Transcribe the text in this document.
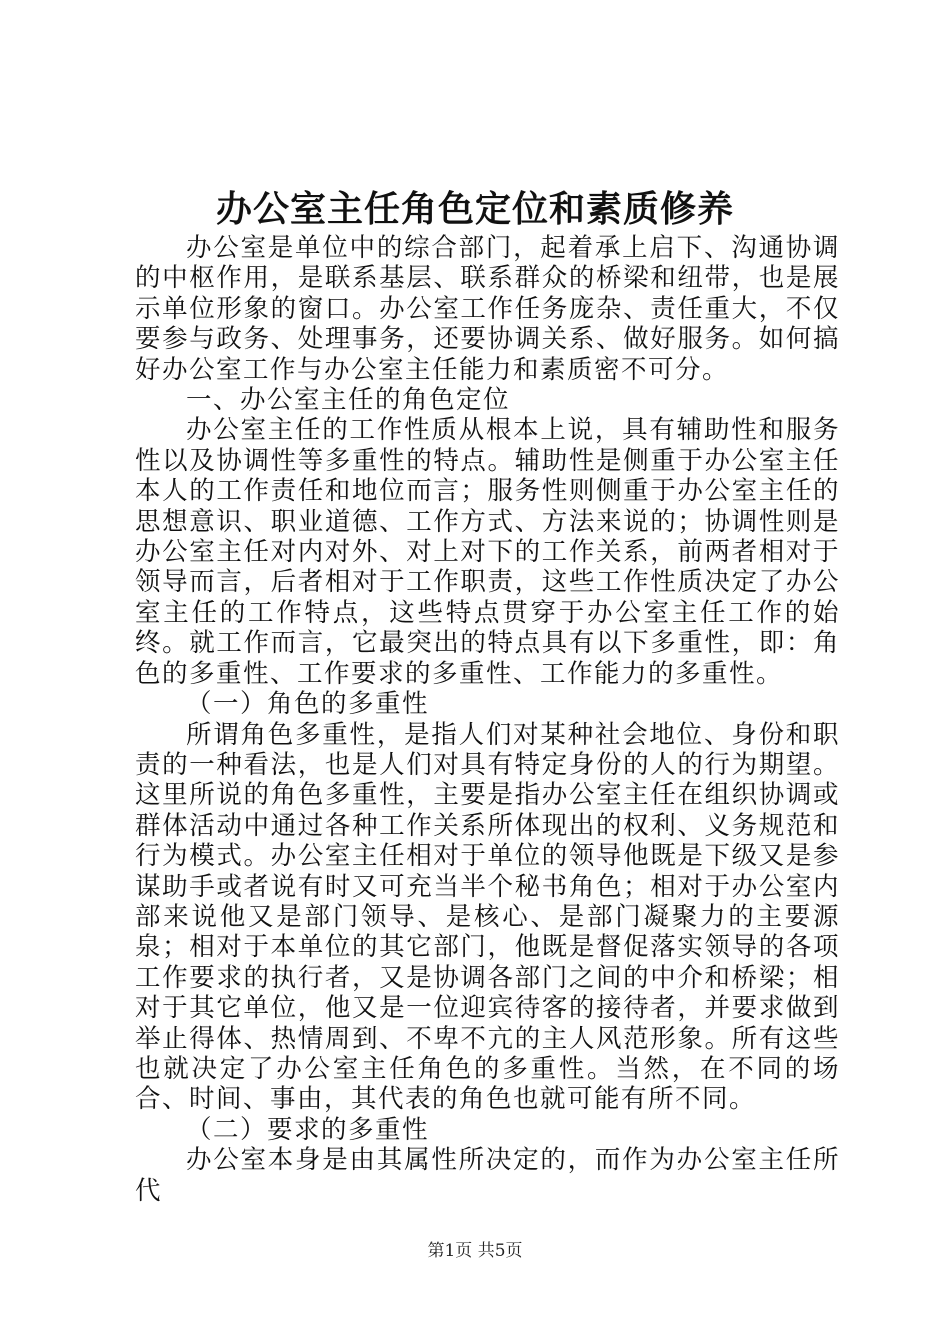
办公室主任角色定位和素质修养

办公室是单位中的综合部门，起着承上启下、沟通协调的中枢作用，是联系基层、联系群众的桥梁和纽带，也是展示单位形象的窗口。办公室工作任务庞杂、责任重大，不仅要参与政务、处理事务，还要协调关系、做好服务。如何搞好办公室工作与办公室主任能力和素质密不可分。

一、办公室主任的角色定位

办公室主任的工作性质从根本上说，具有辅助性和服务性以及协调性等多重性的特点。辅助性是侧重于办公室主任本人的工作责任和地位而言；服务性则侧重于办公室主任的思想意识、职业道德、工作方式、方法来说的；协调性则是办公室主任对内对外、对上对下的工作关系，前两者相对于领导而言，后者相对于工作职责，这些工作性质决定了办公室主任的工作特点，这些特点贯穿于办公室主任工作的始终。就工作而言，它最突出的特点具有以下多重性，即：角色的多重性、工作要求的多重性、工作能力的多重性。

（一）角色的多重性

所谓角色多重性，是指人们对某种社会地位、身份和职责的一种看法，也是人们对具有特定身份的人的行为期望。这里所说的角色多重性，主要是指办公室主任在组织协调或群体活动中通过各种工作关系所体现出的权利、义务规范和行为模式。办公室主任相对于单位的领导他既是下级又是参谋助手或者说有时又可充当半个秘书角色；相对于办公室内部来说他又是部门领导、是核心、是部门凝聚力的主要源泉；相对于本单位的其它部门，他既是督促落实领导的各项工作要求的执行者，又是协调各部门之间的中介和桥梁；相对于其它单位，他又是一位迎宾待客的接待者，并要求做到举止得体、热情周到、不卑不亢的主人风范形象。所有这些也就决定了办公室主任角色的多重性。当然，在不同的场合、时间、事由，其代表的角色也就可能有所不同。

（二）要求的多重性

办公室本身是由其属性所决定的，而作为办公室主任所代

第1页 共5页
